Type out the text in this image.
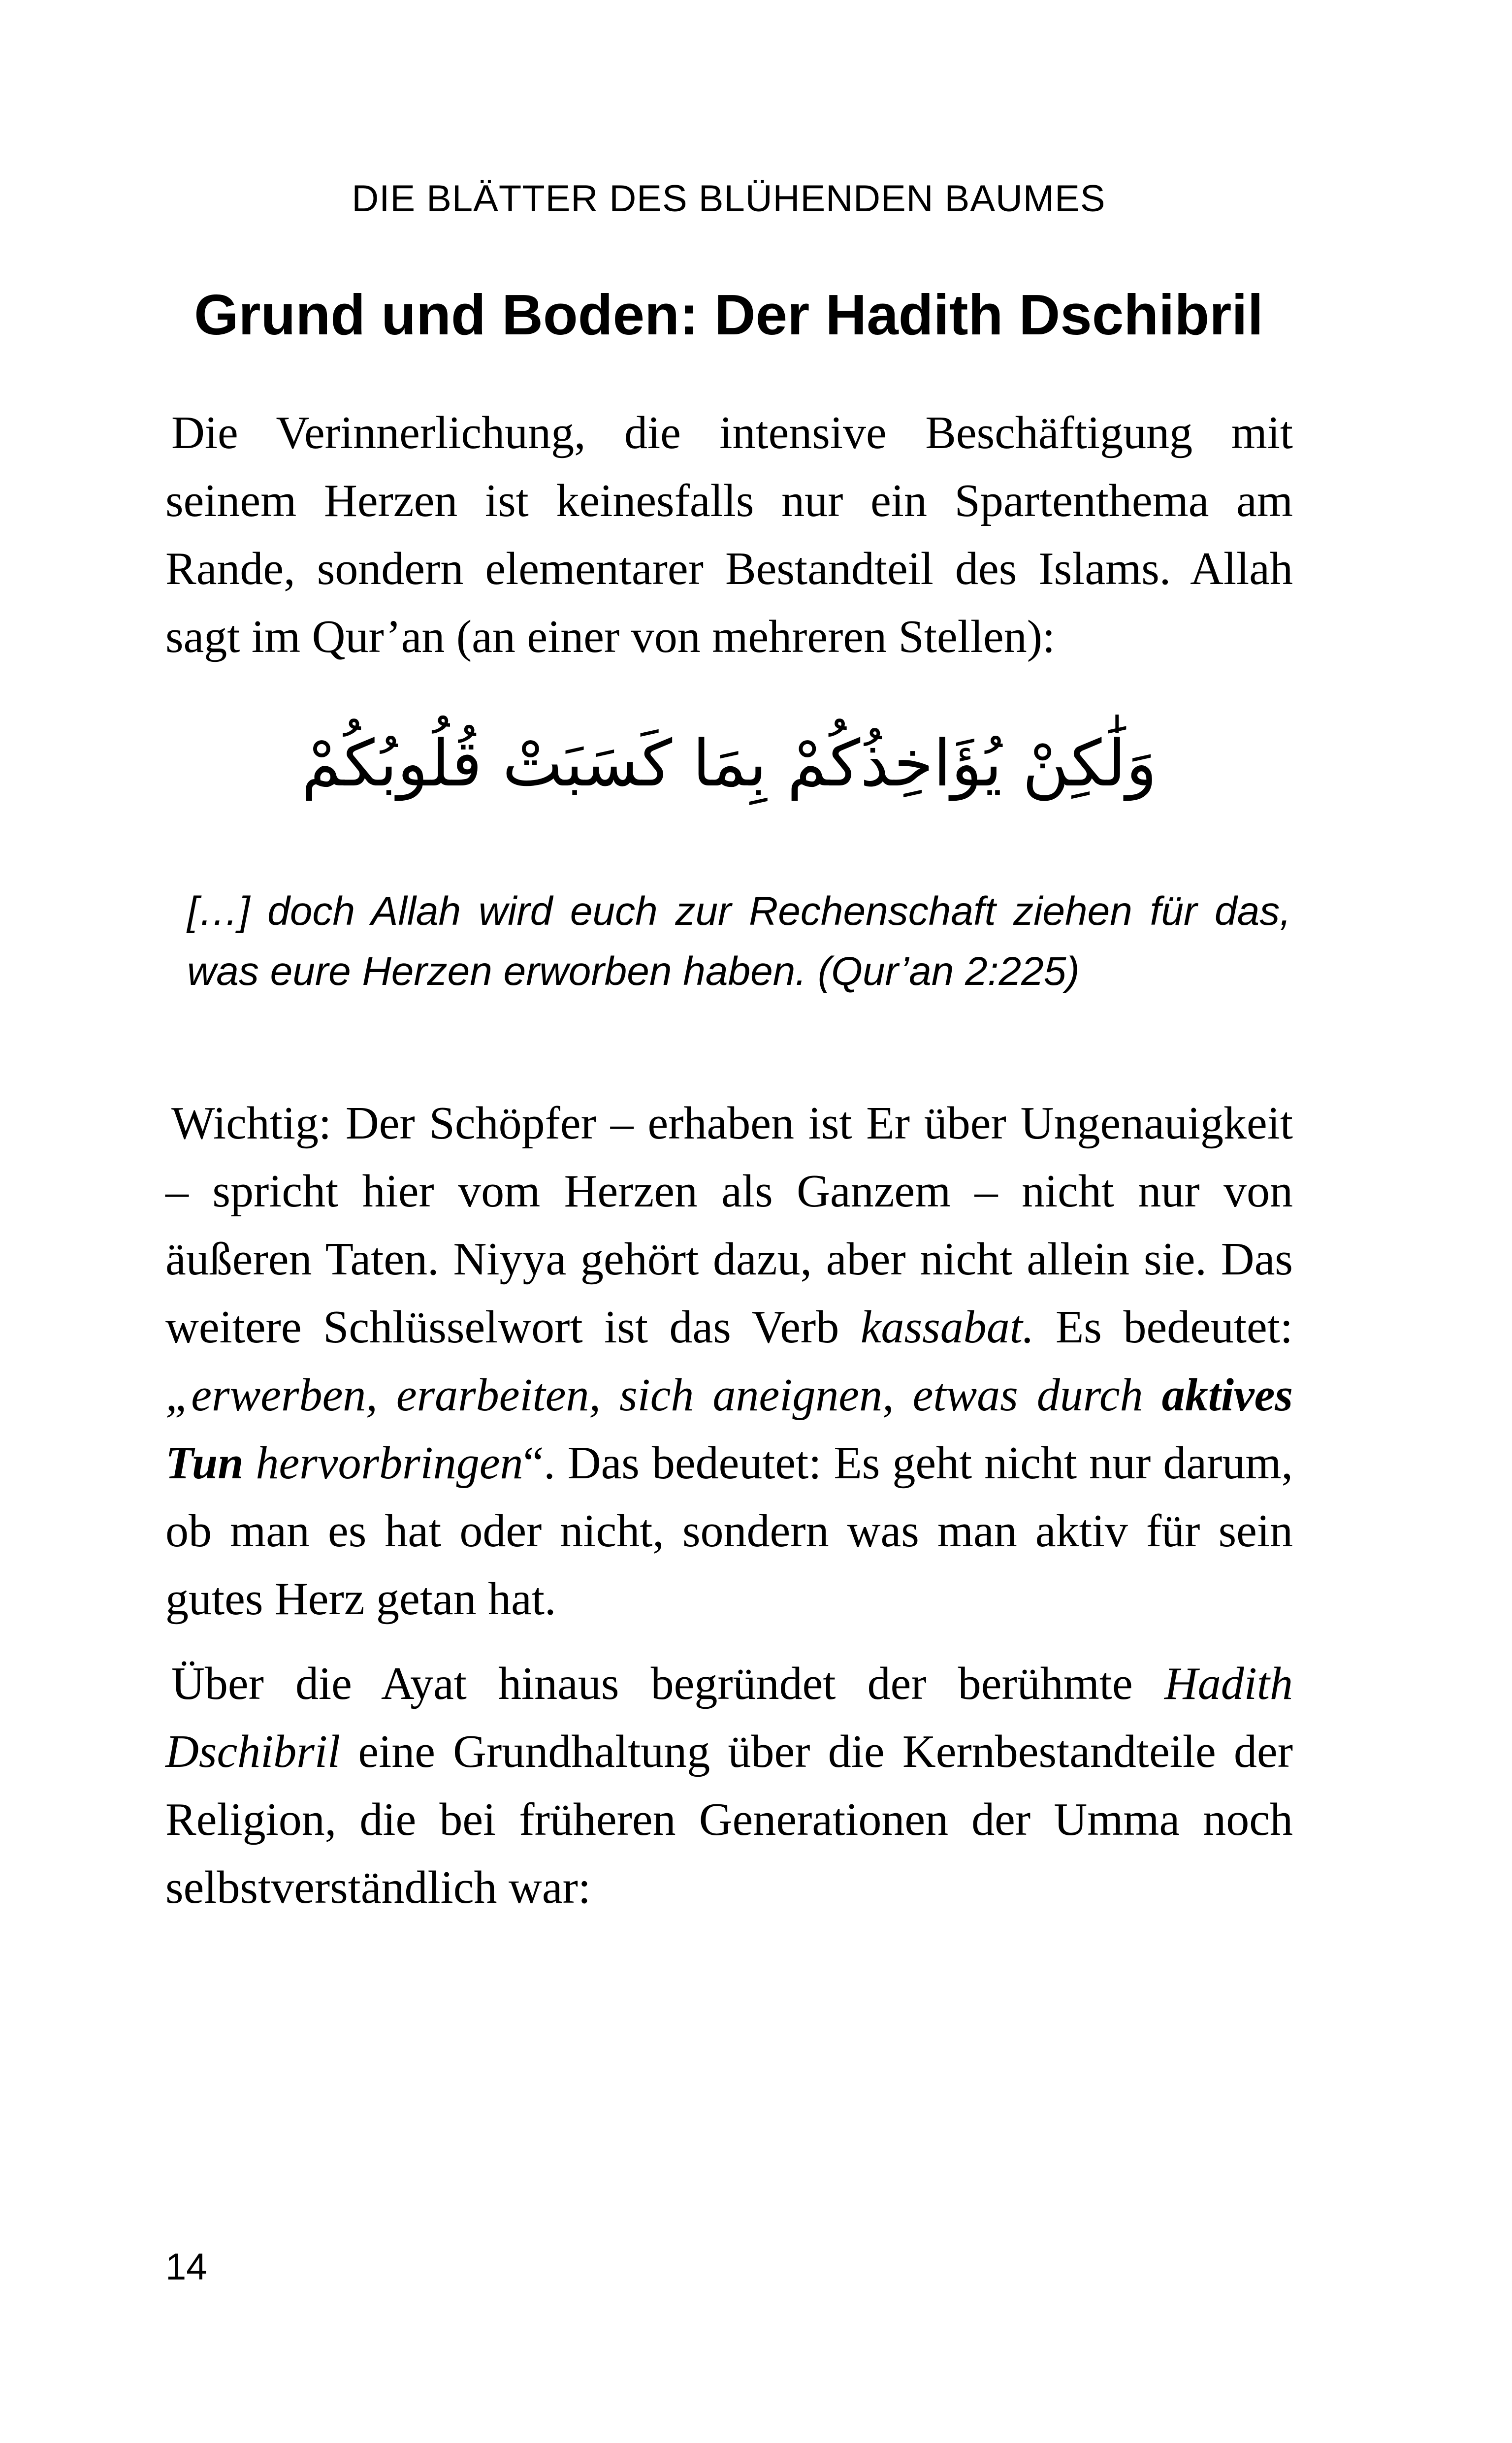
DIE BLÄTTER DES BLÜHENDEN BAUMES
Grund und Boden: Der Hadith Dschibril

Die Verinnerlichung, die intensive Beschäftigung mit seinem Herzen ist keinesfalls nur ein Spartenthema am Rande, sondern elementarer Bestandteil des Islams. Allah sagt im Qur’an (an einer von mehreren Stellen):

وَلَٰكِنْ يُؤَاخِذُكُمْ بِمَا كَسَبَتْ قُلُوبُكُمْ

[…] doch Allah wird euch zur Rechenschaft ziehen für das, was eure Herzen erworben haben. (Qur’an 2:225)

Wichtig: Der Schöpfer – erhaben ist Er über Ungenauigkeit – spricht hier vom Herzen als Ganzem – nicht nur von äußeren Taten. Niyya gehört dazu, aber nicht allein sie. Das weitere Schlüsselwort ist das Verb kassabat. Es bedeutet: „erwerben, erarbeiten, sich aneignen, etwas durch aktives Tun hervorbringen“. Das bedeutet: Es geht nicht nur darum, ob man es hat oder nicht, sondern was man aktiv für sein gutes Herz getan hat.

Über die Ayat hinaus begründet der berühmte Hadith Dschibril eine Grundhaltung über die Kernbestandteile der Religion, die bei früheren Generationen der Umma noch selbstverständlich war:

14
